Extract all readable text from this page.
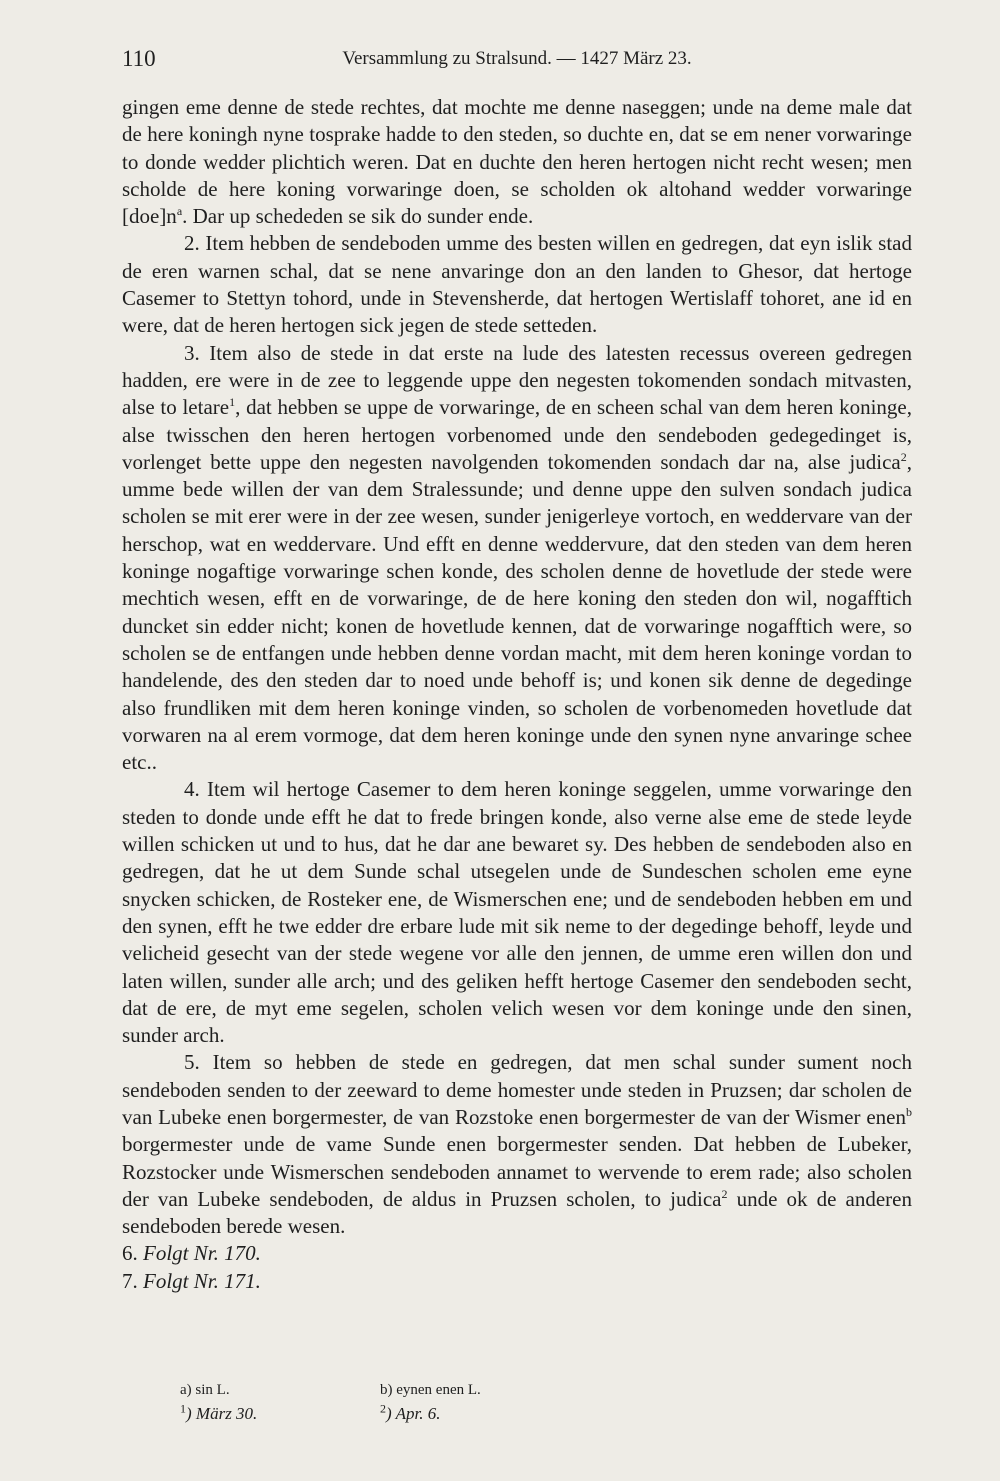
110	Versammlung zu Stralsund. — 1427 März 23.

gingen eme denne de stede rechtes, dat mochte me denne naseggen; unde na deme male dat de here koningh nyne tosprake hadde to den steden, so duchte en, dat se em nener vorwaringe to donde wedder plichtich weren. Dat en duchte den heren hertogen nicht recht wesen; men scholde de here koning vorwaringe doen, se scholden ok altohand wedder vorwaringe $[doe]n^a$. Dar up schededen se sik do sunder ende.

2. Item hebben de sendeboden umme des besten willen en gedregen, dat eyn islik stad de eren warnen schal, dat se nene anvaringe don an den landen to Ghesor, dat hertoge Casemer to Stettyn tohord, unde in Stevensherde, dat hertogen Wertislaff tohoret, ane id en were, dat de heren hertogen sick jegen de stede setteden.

3. Item also de stede in dat erste na lude des latesten recessus overeen gedregen hadden, ere were in de zee to leggende uppe den negesten tokomenden sondach mitvasten, alse to letare$^1$, dat hebben se uppe de vorwaringe, de en scheen schal van dem heren koninge, alse twisschen den heren hertogen vorbenomed unde den sendeboden gedegedinget is, vorlenget bette uppe den negesten navolgenden tokomenden sondach dar na, alse judica$^2$, umme bede willen der van dem Stralessunde; und denne uppe den sulven sondach judica scholen se mit erer were in der zee wesen, sunder jenigerleye vortoch, en weddervare van der herschop, wat en weddervare. Und efft en denne weddervure, dat den steden van dem heren koninge nogaftige vorwaringe schen konde, des scholen denne de hovetlude der stede were mechtich wesen, efft en de vorwaringe, de de here koning den steden don wil, nogafftich duncket sin edder nicht; konen de hovetlude kennen, dat de vorwaringe nogafftich were, so scholen se de entfangen unde hebben denne vordan macht, mit dem heren koninge vordan to handelende, des den steden dar to noed unde behoff is; und konen sik denne de degedinge also frundliken mit dem heren koninge vinden, so scholen de vorbenomeden hovetlude dat vorwaren na al erem vormoge, dat dem heren koninge unde den synen nyne anvaringe schee etc..

4. Item wil hertoge Casemer to dem heren koninge seggelen, umme vorwaringe den steden to donde unde efft he dat to frede bringen konde, also verne alse eme de stede leyde willen schicken ut und to hus, dat he dar ane bewaret sy. Des hebben de sendeboden also en gedregen, dat he ut dem Sunde schal utsegelen unde de Sundeschen scholen eme eyne snycken schicken, de Rosteker ene, de Wismerschen ene; und de sendeboden hebben em und den synen, efft he twe edder dre erbare lude mit sik neme to der degedinge behoff, leyde und velicheid gesecht van der stede wegene vor alle den jennen, de umme eren willen don und laten willen, sunder alle arch; und des geliken hefft hertoge Casemer den sendeboden secht, dat de ere, de myt eme segelen, scholen velich wesen vor dem koninge unde den sinen, sunder arch.

5. Item so hebben de stede en gedregen, dat men schal sunder sument noch sendeboden senden to der zeeward to deme homester unde steden in Pruzsen; dar scholen de van Lubeke enen borgermester, de van Rozstoke enen borgermester de van der Wismer enen$^b$ borgermester unde de vame Sunde enen borgermester senden. Dat hebben de Lubeker, Rozstocker unde Wismerschen sendeboden annamet to wervende to erem rade; also scholen der van Lubeke sendeboden, de aldus in Pruzsen scholen, to judica$^2$ unde ok de anderen sendeboden berede wesen.

6. Folgt Nr. 170.

7. Folgt Nr. 171.

a) sin L.	b) eynen enen L.
$^1$) März 30.	$^2$) Apr. 6.
